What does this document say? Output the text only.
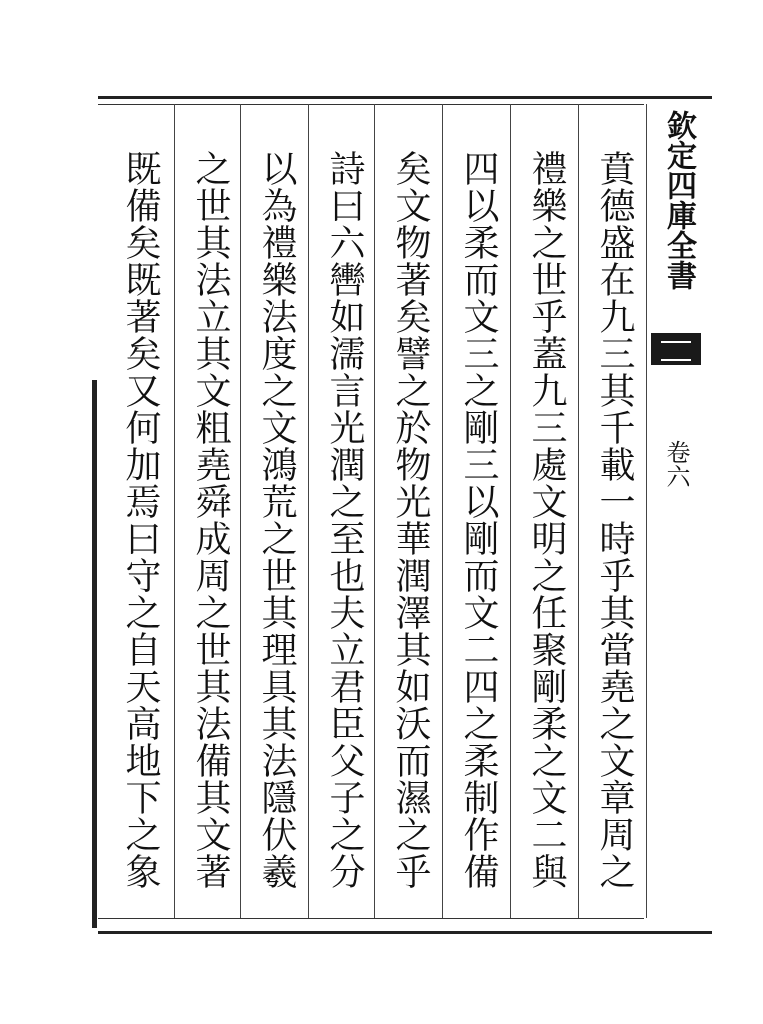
欽定四庫全書
卷六
賁德盛在九三其千載一時乎其當堯之文章周之
禮樂之世乎蓋九三處文明之任聚剛柔之文二與
四以柔而文三之剛三以剛而文二四之柔制作備
矣文物著矣譬之於物光華潤澤其如沃而濕之乎
詩曰六轡如濡言光潤之至也夫立君臣父子之分
以為禮樂法度之文鴻荒之世其理具其法隱伏羲
之世其法立其文粗堯舜成周之世其法備其文著
既備矣既著矣又何加焉曰守之自天高地下之象
